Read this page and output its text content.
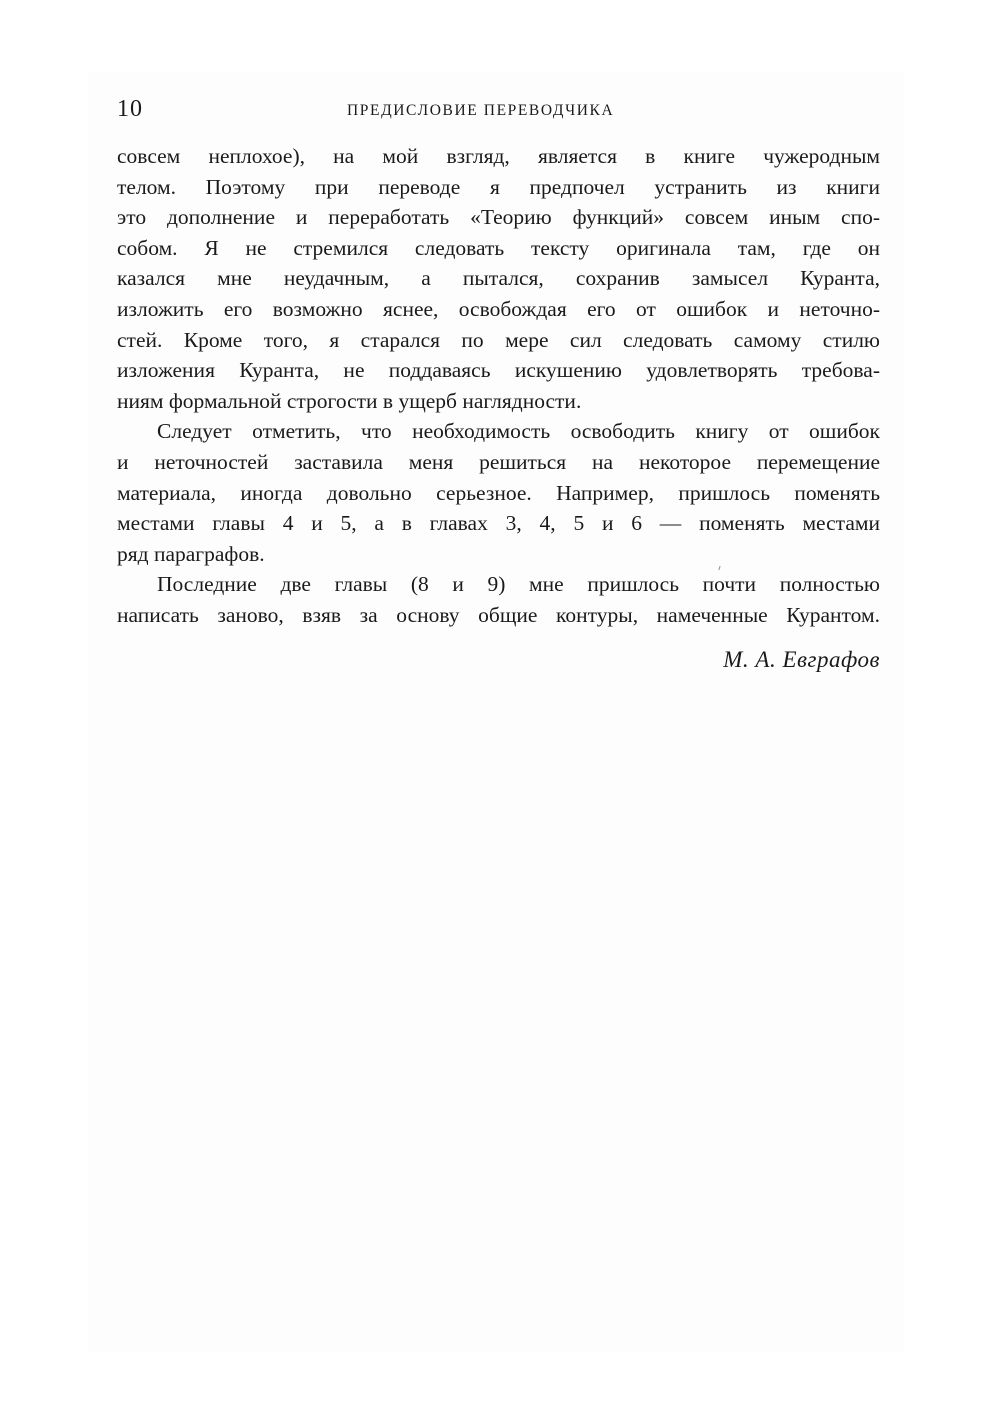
10	ПРЕДИСЛОВИЕ ПЕРЕВОДЧИКА

совсем неплохое), на мой взгляд, является в книге чужеродным

телом. Поэтому при переводе я предпочел устранить из книги

это дополнение и переработать «Теорию функций» совсем иным спо-

собом. Я не стремился следовать тексту оригинала там, где он

казался мне неудачным, а пытался, сохранив замысел Куранта,

изложить его возможно яснее, освобождая его от ошибок и неточно-

стей. Кроме того, я старался по мере сил следовать самому стилю

изложения Куранта, не поддаваясь искушению удовлетворять требова-

ниям формальной строгости в ущерб наглядности.

Следует отметить, что необходимость освободить книгу от ошибок

и неточностей заставила меня решиться на некоторое перемещение

материала, иногда довольно серьезное. Например, пришлось поменять

местами главы 4 и 5, а в главах 3, 4, 5 и 6 — поменять местами

ряд параграфов.

Последние две главы (8 и 9) мне пришлось почти полностью

написать заново, взяв за основу общие контуры, намеченные Курантом.

М. А. Евграфов
